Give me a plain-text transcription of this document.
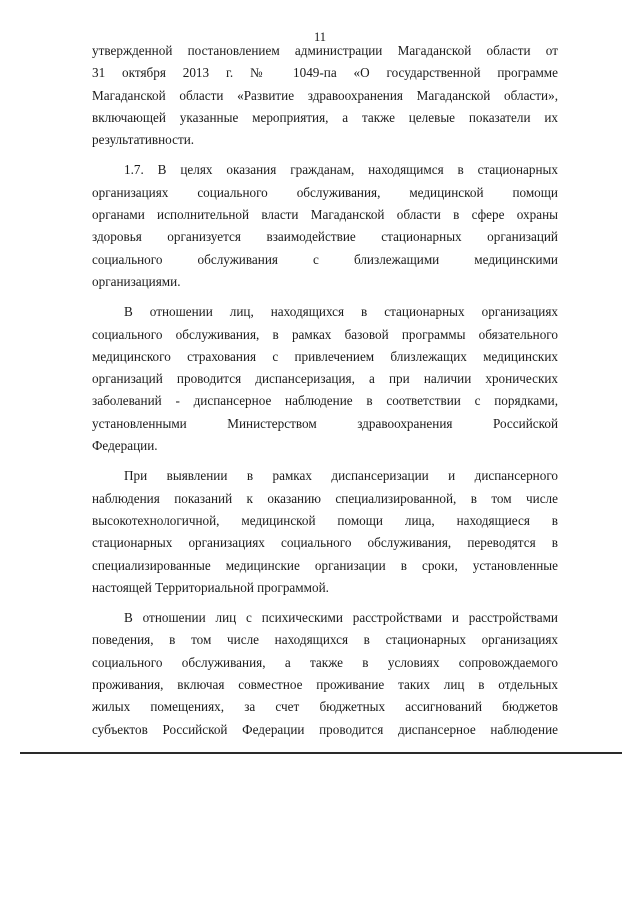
11
утвержденной постановлением администрации Магаданской области от
31 октября 2013 г. № 1049-па «О государственной программе
Магаданской области «Развитие здравоохранения Магаданской области»,
включающей указанные мероприятия, а также целевые показатели их
результативности.
1.7. В целях оказания гражданам, находящимся в стационарных
организациях социального обслуживания, медицинской помощи
органами исполнительной власти Магаданской области в сфере охраны
здоровья организуется взаимодействие стационарных организаций
социального обслуживания с близлежащими медицинскими
организациями.
В отношении лиц, находящихся в стационарных организациях
социального обслуживания, в рамках базовой программы обязательного
медицинского страхования с привлечением близлежащих медицинских
организаций проводится диспансеризация, а при наличии хронических
заболеваний - диспансерное наблюдение в соответствии с порядками,
установленными Министерством здравоохранения Российской
Федерации.
При выявлении в рамках диспансеризации и диспансерного
наблюдения показаний к оказанию специализированной, в том числе
высокотехнологичной, медицинской помощи лица, находящиеся в
стационарных организациях социального обслуживания, переводятся в
специализированные медицинские организации в сроки, установленные
настоящей Территориальной программой.
В отношении лиц с психическими расстройствами и расстройствами
поведения, в том числе находящихся в стационарных организациях
социального обслуживания, а также в условиях сопровождаемого
проживания, включая совместное проживание таких лиц в отдельных
жилых помещениях, за счет бюджетных ассигнований бюджетов
субъектов Российской Федерации проводится диспансерное наблюдение
